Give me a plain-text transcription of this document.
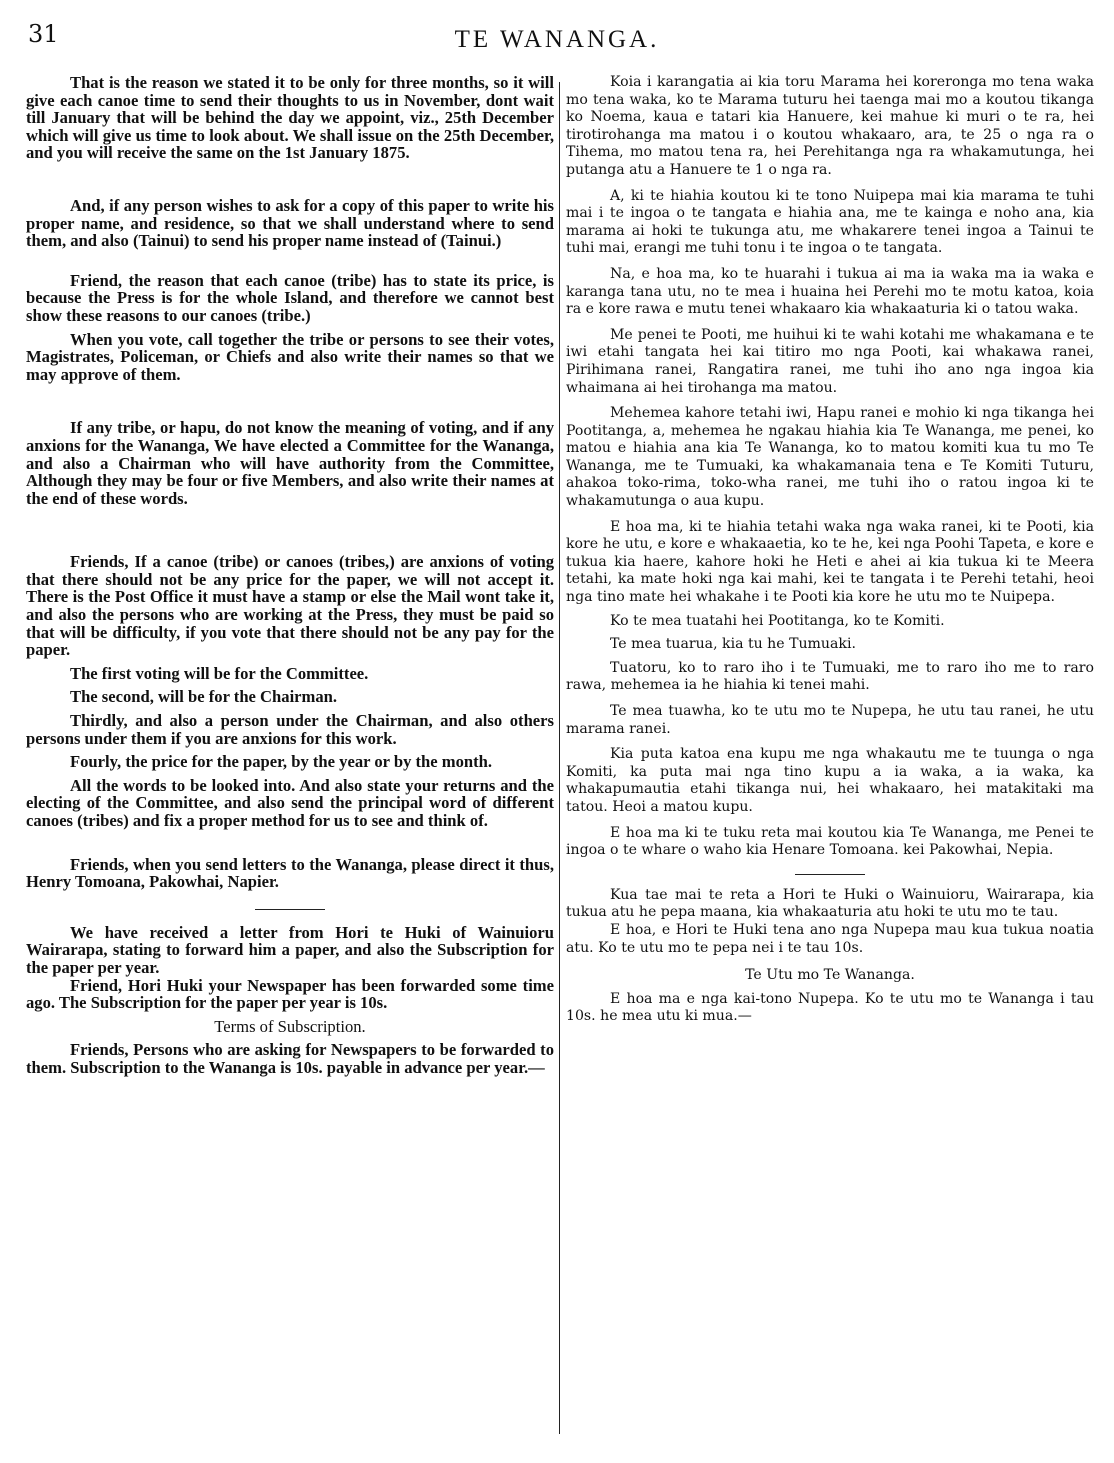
31	TE WANANGA.

That is the reason we stated it to be only for three months, so it will give each canoe time to send their thoughts to us in November, dont wait till January that will be behind the day we appoint, viz., 25th December which will give us time to look about. We shall issue on the 25th December, and you will receive the same on the 1st January 1875.

And, if any person wishes to ask for a copy of this paper to write his proper name, and residence, so that we shall understand where to send them, and also (Tainui) to send his proper name instead of (Tainui.)

Friend, the reason that each canoe (tribe) has to state its price, is because the Press is for the whole Island, and therefore we cannot best show these reasons to our canoes (tribe.)

When you vote, call together the tribe or persons to see their votes, Magistrates, Policeman, or Chiefs and also write their names so that we may approve of them.

If any tribe, or hapu, do not know the meaning of voting, and if any anxions for the Wananga, We have elected a Committee for the Wananga, and also a Chairman who will have authority from the Committee, Although they may be four or five Members, and also write their names at the end of these words.

Friends, If a canoe (tribe) or canoes (tribes,) are anxions of voting that there should not be any price for the paper, we will not accept it. There is the Post Office it must have a stamp or else the Mail wont take it, and also the persons who are working at the Press, they must be paid so that will be difficulty, if you vote that there should not be any pay for the paper.

The first voting will be for the Committee.

The second, will be for the Chairman.

Thirdly, and also a person under the Chairman, and also others persons under them if you are anxions for this work.

Fourly, the price for the paper, by the year or by the month.

All the words to be looked into. And also state your returns and the electing of the Committee, and also send the principal word of different canoes (tribes) and fix a proper method for us to see and think of.

Friends, when you send letters to the Wananga, please direct it thus, Henry Tomoana, Pakowhai, Napier.

We have received a letter from Hori te Huki of Wainuioru Wairarapa, stating to forward him a paper, and also the Subscription for the paper per year.

Friend, Hori Huki your Newspaper has been forwarded some time ago. The Subscription for the paper per year is 10s.

Terms of Subscription.

Friends, Persons who are asking for Newspapers to be forwarded to them. Subscription to the Wananga is 10s. payable in advance per year.—

Koia i karangatia ai kia toru Marama hei koreronga mo tena waka mo tena waka, ko te Marama tuturu hei taenga mai mo a koutou tikanga ko Noema, kaua e tatari kia Hanuere, kei mahue ki muri o te ra, hei tirotirohanga ma matou i o koutou whakaaro, ara, te 25 o nga ra o Tihema, mo matou tena ra, hei Perehitanga nga ra whakamutunga, hei putanga atu a Hanuere te 1 o nga ra.

A, ki te hiahia koutou ki te tono Nuipepa mai kia marama te tuhi mai i te ingoa o te tangata e hiahia ana, me te kainga e noho ana, kia marama ai hoki te tukunga atu, me whakarere tenei ingoa a Tainui te tuhi mai, erangi me tuhi tonu i te ingoa o te tangata.

Na, e hoa ma, ko te huarahi i tukua ai ma ia waka ma ia waka e karanga tana utu, no te mea i huaina hei Perehi mo te motu katoa, koia ra e kore rawa e mutu tenei whakaaro kia whakaaturia ki o tatou waka.

Me penei te Pooti, me huihui ki te wahi kotahi me whakamana e te iwi etahi tangata hei kai titiro mo nga Pooti, kai whakawa ranei, Pirihimana ranei, Rangatira ranei, me tuhi iho ano nga ingoa kia whaimana ai hei tirohanga ma matou.

Mehemea kahore tetahi iwi, Hapu ranei e mohio ki nga tikanga hei Pootitanga, a, mehemea he ngakau hiahia kia Te Wananga, me penei, ko matou e hiahia ana kia Te Wananga, ko to matou komiti kua tu mo Te Wananga, me te Tumuaki, ka whakamanaia tena e Te Komiti Tuturu, ahakoa toko-rima, toko-wha ranei, me tuhi iho o ratou ingoa ki te whakamutunga o aua kupu.

E hoa ma, ki te hiahia tetahi waka nga waka ranei, ki te Pooti, kia kore he utu, e kore e whakaaetia, ko te he, kei nga Poohi Tapeta, e kore e tukua kia haere, kahore hoki he Heti e ahei ai kia tukua ki te Meera tetahi, ka mate hoki nga kai mahi, kei te tangata i te Perehi tetahi, heoi nga tino mate hei whakahe i te Pooti kia kore he utu mo te Nuipepa.

Ko te mea tuatahi hei Pootitanga, ko te Komiti.

Te mea tuarua, kia tu he Tumuaki.

Tuatoru, ko to raro iho i te Tumuaki, me to raro iho me to raro rawa, mehemea ia he hiahia ki tenei mahi.

Te mea tuawha, ko te utu mo te Nupepa, he utu tau ranei, he utu marama ranei.

Kia puta katoa ena kupu me nga whakautu me te tuunga o nga Komiti, ka puta mai nga tino kupu a ia waka, a ia waka, ka whakapumautia etahi tikanga nui, hei whakaaro, hei matakitaki ma tatou. Heoi a matou kupu.

E hoa ma ki te tuku reta mai koutou kia Te Wananga, me Penei te ingoa o te whare o waho kia Henare Tomoana. kei Pakowhai, Nepia.

Kua tae mai te reta a Hori te Huki o Wainuioru, Wairarapa, kia tukua atu he pepa maana, kia whakaaturia atu hoki te utu mo te tau.

E hoa, e Hori te Huki tena ano nga Nupepa mau kua tukua noatia atu. Ko te utu mo te pepa nei i te tau 10s.

Te Utu mo Te Wananga.

E hoa ma e nga kai-tono Nupepa. Ko te utu mo te Wananga i tau 10s. he mea utu ki mua.—
